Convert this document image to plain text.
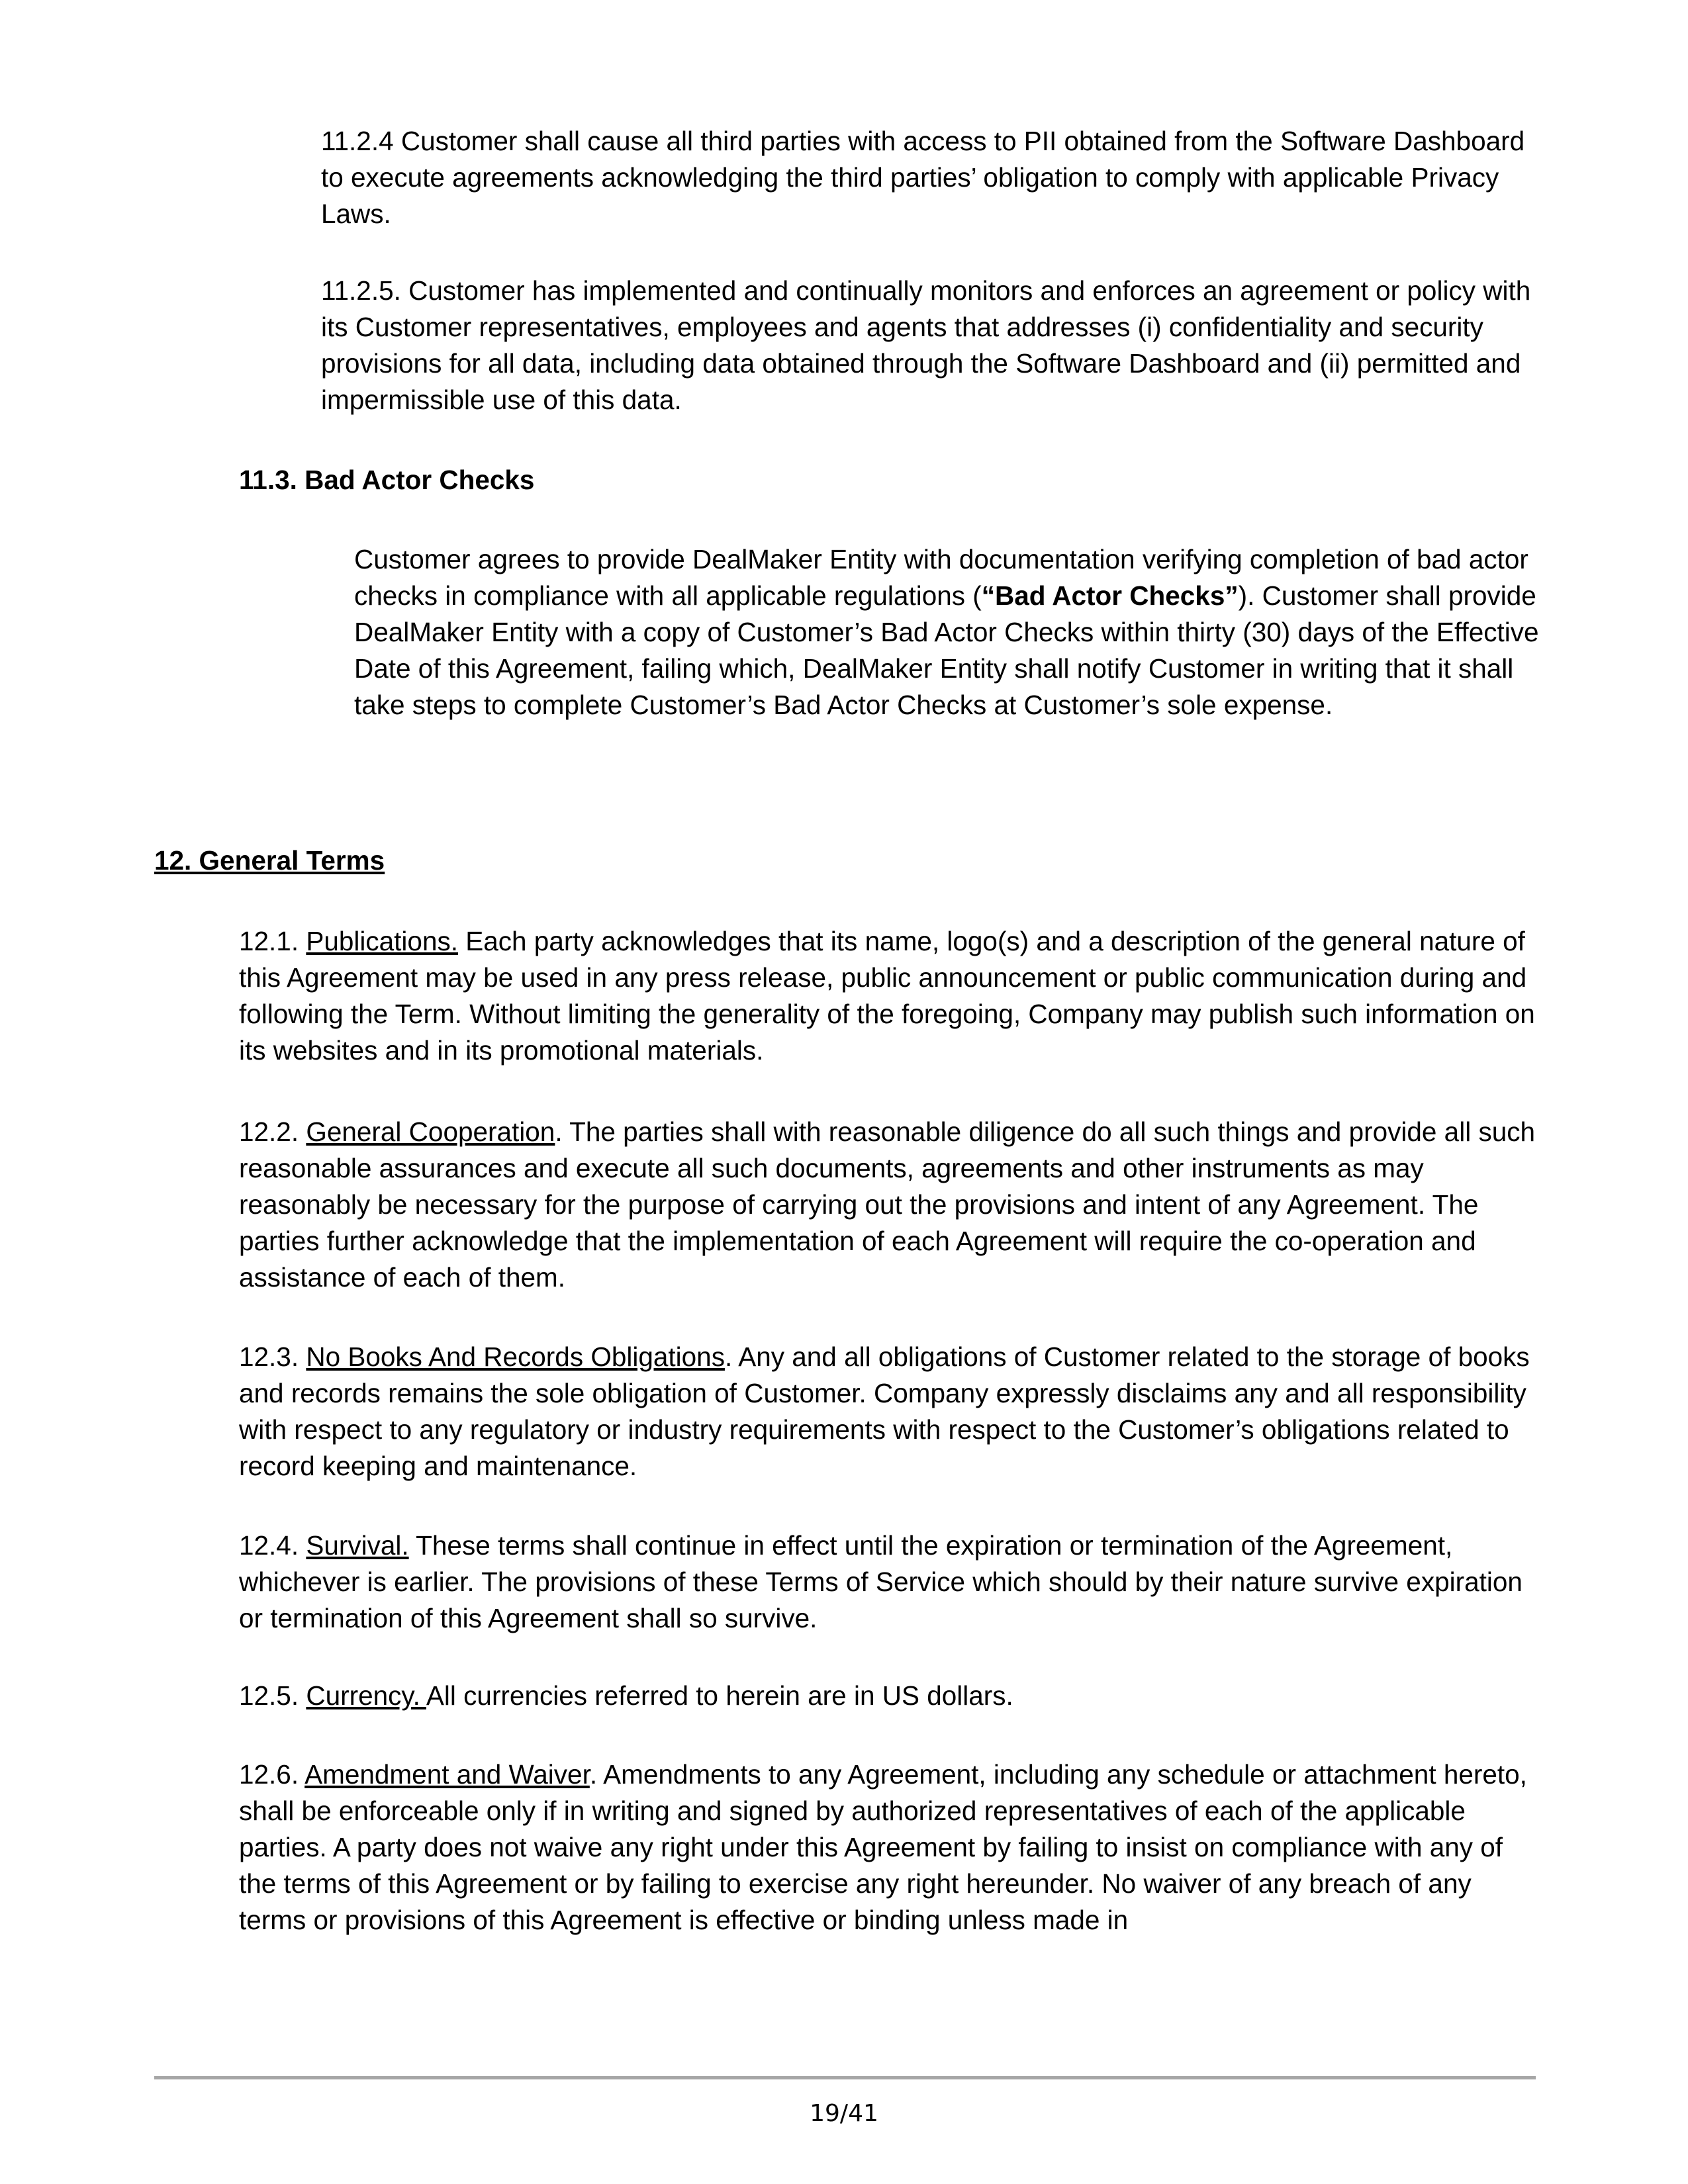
11.2.4 Customer shall cause all third parties with access to PII obtained from the Software Dashboard to execute agreements acknowledging the third parties’ obligation to comply with applicable Privacy Laws.

11.2.5. Customer has implemented and continually monitors and enforces an agreement or policy with its Customer representatives, employees and agents that addresses (i) confidentiality and security provisions for all data, including data obtained through the Software Dashboard and (ii) permitted and impermissible use of this data.

11.3. Bad Actor Checks

Customer agrees to provide DealMaker Entity with documentation verifying completion of bad actor checks in compliance with all applicable regulations (“Bad Actor Checks”). Customer shall provide DealMaker Entity with a copy of Customer’s Bad Actor Checks within thirty (30) days of the Effective Date of this Agreement, failing which, DealMaker Entity shall notify Customer in writing that it shall take steps to complete Customer’s Bad Actor Checks at Customer’s sole expense.

12. General Terms

12.1. Publications. Each party acknowledges that its name, logo(s) and a description of the general nature of this Agreement may be used in any press release, public announcement or public communication during and following the Term. Without limiting the generality of the foregoing, Company may publish such information on its websites and in its promotional materials.

12.2. General Cooperation. The parties shall with reasonable diligence do all such things and provide all such reasonable assurances and execute all such documents, agreements and other instruments as may reasonably be necessary for the purpose of carrying out the provisions and intent of any Agreement. The parties further acknowledge that the implementation of each Agreement will require the co-operation and assistance of each of them.

12.3. No Books And Records Obligations. Any and all obligations of Customer related to the storage of books and records remains the sole obligation of Customer. Company expressly disclaims any and all responsibility with respect to any regulatory or industry requirements with respect to the Customer’s obligations related to record keeping and maintenance.

12.4. Survival. These terms shall continue in effect until the expiration or termination of the Agreement, whichever is earlier. The provisions of these Terms of Service which should by their nature survive expiration or termination of this Agreement shall so survive.

12.5. Currency. All currencies referred to herein are in US dollars.

12.6. Amendment and Waiver. Amendments to any Agreement, including any schedule or attachment hereto, shall be enforceable only if in writing and signed by authorized representatives of each of the applicable parties. A party does not waive any right under this Agreement by failing to insist on compliance with any of the terms of this Agreement or by failing to exercise any right hereunder. No waiver of any breach of any terms or provisions of this Agreement is effective or binding unless made in

19/41
